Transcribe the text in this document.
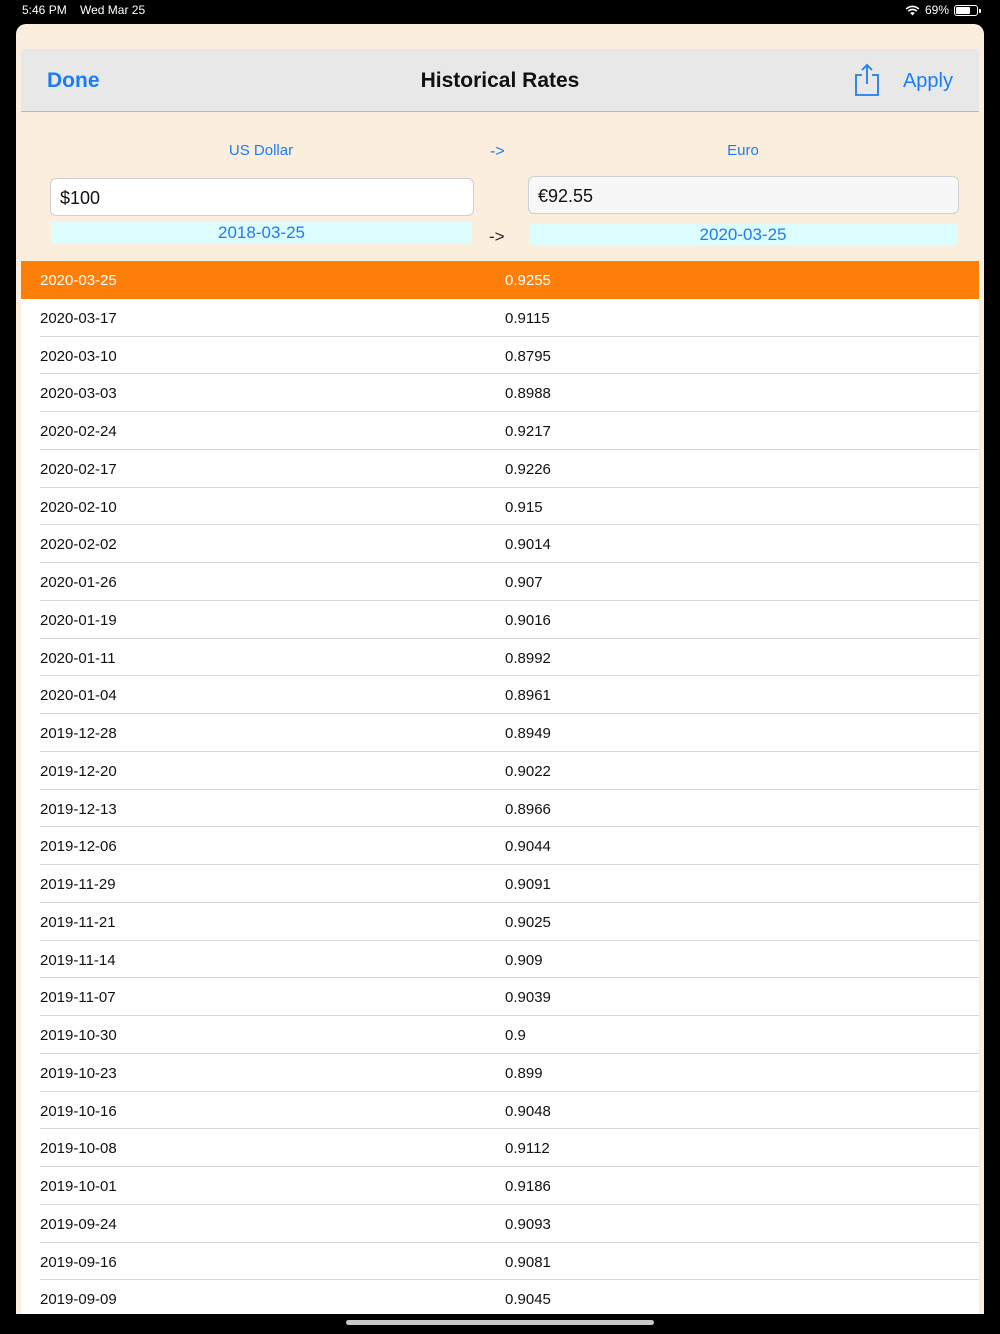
5:46 PM Wed Mar 25	69%
Done	Historical Rates	Apply
US Dollar	->	Euro
$100	€92.55
2018-03-25	->	2020-03-25
2020-03-25	0.9255
2020-03-17	0.9115
2020-03-10	0.8795
2020-03-03	0.8988
2020-02-24	0.9217
2020-02-17	0.9226
2020-02-10	0.915
2020-02-02	0.9014
2020-01-26	0.907
2020-01-19	0.9016
2020-01-11	0.8992
2020-01-04	0.8961
2019-12-28	0.8949
2019-12-20	0.9022
2019-12-13	0.8966
2019-12-06	0.9044
2019-11-29	0.9091
2019-11-21	0.9025
2019-11-14	0.909
2019-11-07	0.9039
2019-10-30	0.9
2019-10-23	0.899
2019-10-16	0.9048
2019-10-08	0.9112
2019-10-01	0.9186
2019-09-24	0.9093
2019-09-16	0.9081
2019-09-09	0.9045
